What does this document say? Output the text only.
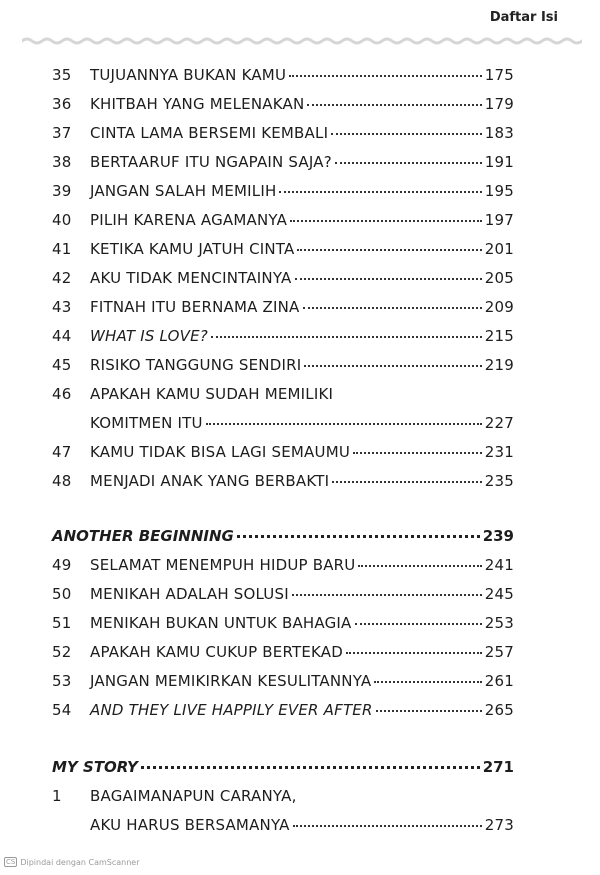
Daftar Isi
35	TUJUANNYA BUKAN KAMU	175
36	KHITBAH YANG MELENAKAN	179
37	CINTA LAMA BERSEMI KEMBALI	183
38	BERTAARUF ITU NGAPAIN SAJA?	191
39	JANGAN SALAH MEMILIH	195
40	PILIH KARENA AGAMANYA	197
41	KETIKA KAMU JATUH CINTA	201
42	AKU TIDAK MENCINTAINYA	205
43	FITNAH ITU BERNAMA ZINA	209
44	WHAT IS LOVE?	215
45	RISIKO TANGGUNG SENDIRI	219
46	APAKAH KAMU SUDAH MEMILIKI
KOMITMEN ITU	227
47	KAMU TIDAK BISA LAGI SEMAUMU	231
48	MENJADI ANAK YANG BERBAKTI	235
ANOTHER BEGINNING	239
49	SELAMAT MENEMPUH HIDUP BARU	241
50	MENIKAH ADALAH SOLUSI	245
51	MENIKAH BUKAN UNTUK BAHAGIA	253
52	APAKAH KAMU CUKUP BERTEKAD	257
53	JANGAN MEMIKIRKAN KESULITANNYA	261
54	AND THEY LIVE HAPPILY EVER AFTER	265
MY STORY	271
1	BAGAIMANAPUN CARANYA,
AKU HARUS BERSAMANYA	273
CS Dipindai dengan CamScanner
